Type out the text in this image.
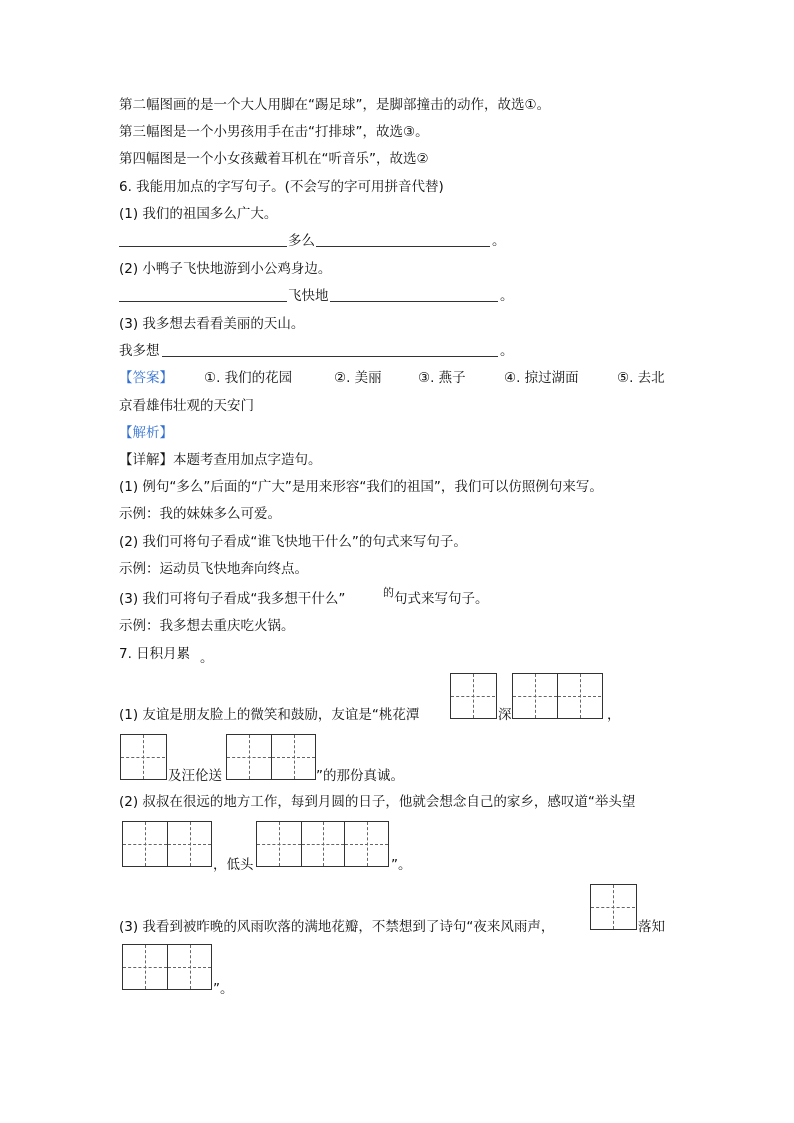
第二幅图画的是一个大人用脚在“踢足球”，是脚部撞击的动作，故选①。
第三幅图是一个小男孩用手在击“打排球”，故选③。
第四幅图是一个小女孩戴着耳机在“听音乐”，故选②
6. 我能用加点的字写句子。(不会写的字可用拼音代替)
(1) 我们的祖国多么广大。
多么	。
(2) 小鸭子飞快地游到小公鸡身边。
飞快地	。
(3) 我多想去看看美丽的天山。
我多想	。
【答案】 ①. 我们的花园	②. 美丽	③. 燕子	④. 掠过湖面	⑤. 去北
京看雄伟壮观的天安门
【解析】
【详解】本题考查用加点字造句。
(1) 例句“多么”后面的“广大”是用来形容“我们的祖国”，我们可以仿照例句来写。
示例：我的妹妹多么可爱。
(2) 我们可将句子看成“谁飞快地干什么”的句式来写句子。
示例：运动员飞快地奔向终点。
(3) 我们可将句子看成“我多想干什么”	的 句式来写句子。
示例：我多想去重庆吃火锅。
7. 日积月累 。
(1) 友谊是朋友脸上的微笑和鼓励，友谊是“桃花潭	深	，
及汪伦送	”的那份真诚。
(2) 叔叔在很远的地方工作，每到月圆的日子，他就会想念自己的家乡，感叹道“举头望
，低头	”。
(3) 我看到被昨晚的风雨吹落的满地花瓣，不禁想到了诗句“夜来风雨声，	落知
”。
